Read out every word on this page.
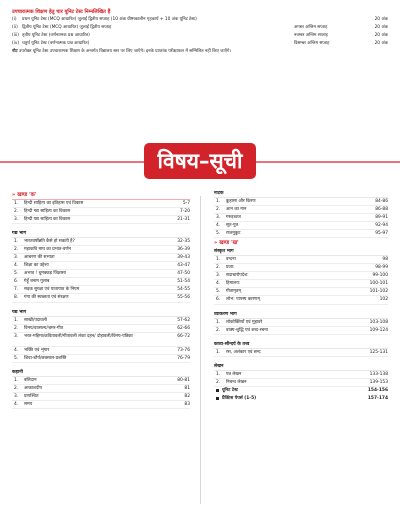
उपचारात्मक शिक्षण हेतु चार यूनिट टेस्ट निम्नलिखित हैं
(i)	प्रथम यूनिट टेस्ट (MCQ आधारित) जुलाई द्वितीय सप्ताह (10 अंक ग्रीष्मकालीन गृहकार्य + 10 अंक यूनिट टेस्ट)	20 अंक
(ii) द्वितीय यूनिट टेस्ट (MCQ आधारित) जुलाई द्वितीय सप्ताह	अगस्त अन्तिम सप्ताह	20 अंक
(iii) तृतीय यूनिट टेस्ट (वर्णनात्मक प्रश्न आधारित)	नवम्बर अन्तिम सप्ताह	20 अंक
(iv) चतुर्थ यूनिट टेस्ट (वर्णनात्मक प्रश्न आधारित)	दिसम्बर अन्तिम सप्ताह	20 अंक
नोट उपरोक्त यूनिट टेस्ट उपचारात्मक शिक्षण के अन्तर्गत विद्यालय स्तर पर लिए जाएँगे। इनके प्राप्तांक परीक्षाफल में सम्मिलित नहीं किए जाएँगे।
विषय–सूची
» खण्ड 'क'
1.	हिन्दी साहित्य का इतिहास एवं विकास	5-7
2.	हिन्दी गद्य साहित्य का विकास	7-20
3.	हिन्दी पद्य साहित्य का विकास	21-31
गद्य भाग
1.	भारतवर्षोन्नति कैसे हो सकती है?	32-35
2.	महाकवि माघ का प्रभात-वर्णन	36-39
3.	आचरण की सभ्यता	39-43
4.	शिक्षा का उद्देश्य	43-47
5.	अभाव ! धुमक्कड़ जिज्ञासा	47-50
6.	गेहूँ बनाम गुलाब	51-54
7.	सड़क सुरक्षा एवं यातायात के नियम	54-55
8.	गंगा की स्वच्छता एवं संरक्षण	55-56
पद्य भाग
1.	साखी/पदावली	57-62
2.	विनय/वात्सल्य/भ्रमर-गीत	62-66
3.	भरत-महिमा/कवितावली/गीतावली लंका दहन/ दोहावली/विनय-पत्रिका	66-72
4.	भक्ति एवं शृंगार	73-76
5.	शिवा-शौर्य/छत्रसाल-प्रशस्ति	76-79
कहानी
1.	बलिदान	80-81
2.	आकाशदीप	81
3.	प्रायश्चित	82
4.	समय	83
नाटक
1.	कुहासा और किरण	84-86
2.	आन का मान	86-88
3.	गरुड़ध्वज	89-91
4.	सूत-पुत्र	92-94
5.	राजमुकुट	95-97
» खण्ड 'ख'
संस्कृत भाग
1.	वन्दना	98
2.	प्रजा:	98-99
3.	सदाचारोपदेश:	99-100
4.	हिमालय:	100-101
5.	गीतामृतम्	101-102
6.	लोभ: पापस्य कारणम्	102
व्याकरण भाग
1.	लोकोक्तियाँ एवं मुहावरे	103-108
2.	वाक्य-शुद्धि एवं शब्द-रचना	109-124
काव्य-सौन्दर्य के तत्त्व
1.	रस, अलंकार एवं छन्द	125-131
लेखन
1.	पत्र लेखन	133-138
2.	निबन्ध लेखन	139-153
यूनिट टेस्ट	154-156
प्रैक्टिस पेपर्स (1-5)	157-174
